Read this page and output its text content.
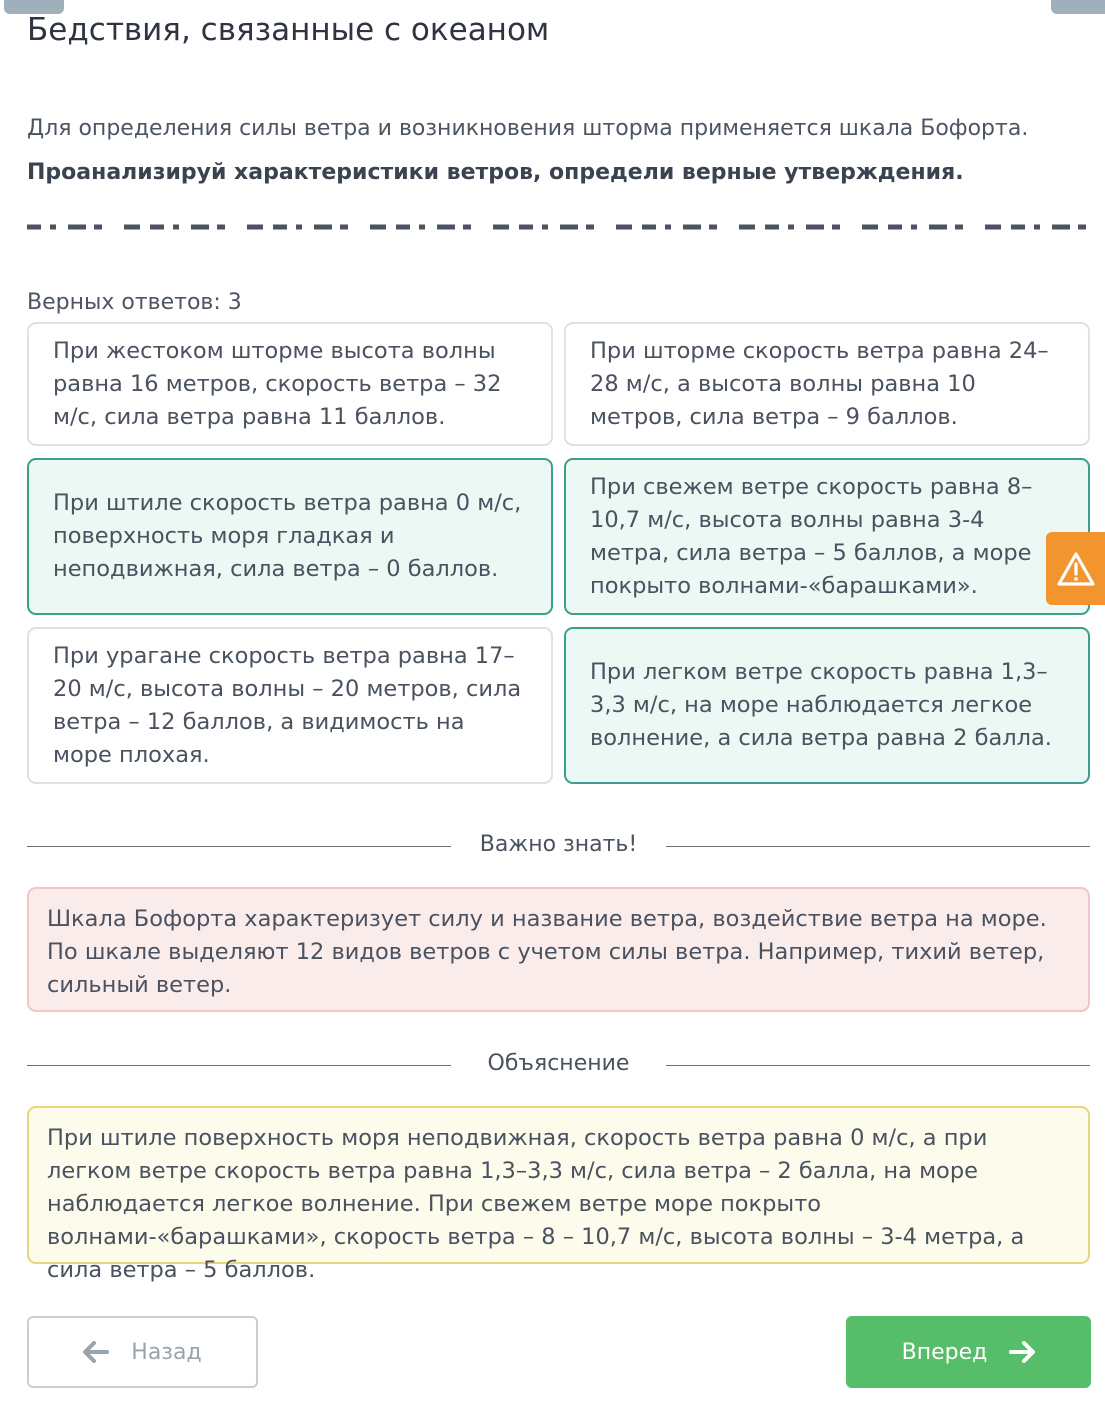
Бедствия, связанные с океаном

Для определения силы ветра и возникновения шторма применяется шкала Бофорта.

Проанализируй характеристики ветров, определи верные утверждения.

Верных ответов: 3
При жестоком шторме высота волны равна 16 метров, скорость ветра – 32 м/с, сила ветра равна 11 баллов.
При шторме скорость ветра равна 24–28 м/с, а высота волны равна 10 метров, сила ветра – 9 баллов.
При штиле скорость ветра равна 0 м/с, поверхность моря гладкая и неподвижная, сила ветра – 0 баллов.
При свежем ветре скорость равна 8–10,7 м/с, высота волны равна 3-4 метра, сила ветра – 5 баллов, а море покрыто волнами-«барашками».
При урагане скорость ветра равна 17–20 м/с, высота волны – 20 метров, сила ветра – 12 баллов, а видимость на море плохая.
При легком ветре скорость равна 1,3–3,3 м/с, на море наблюдается легкое волнение, а сила ветра равна 2 балла.
Важно знать!
Шкала Бофорта характеризует силу и название ветра, воздействие ветра на море. По шкале выделяют 12 видов ветров с учетом силы ветра. Например, тихий ветер, сильный ветер.
Объяснение
При штиле поверхность моря неподвижная, скорость ветра равна 0 м/с, а при легком ветре скорость ветра равна 1,3–3,3 м/с, сила ветра – 2 балла, на море наблюдается легкое волнение. При свежем ветре море покрыто волнами-«барашками», скорость ветра – 8 – 10,7 м/с, высота волны – 3-4 метра, а сила ветра – 5 баллов.
Назад	Вперед
